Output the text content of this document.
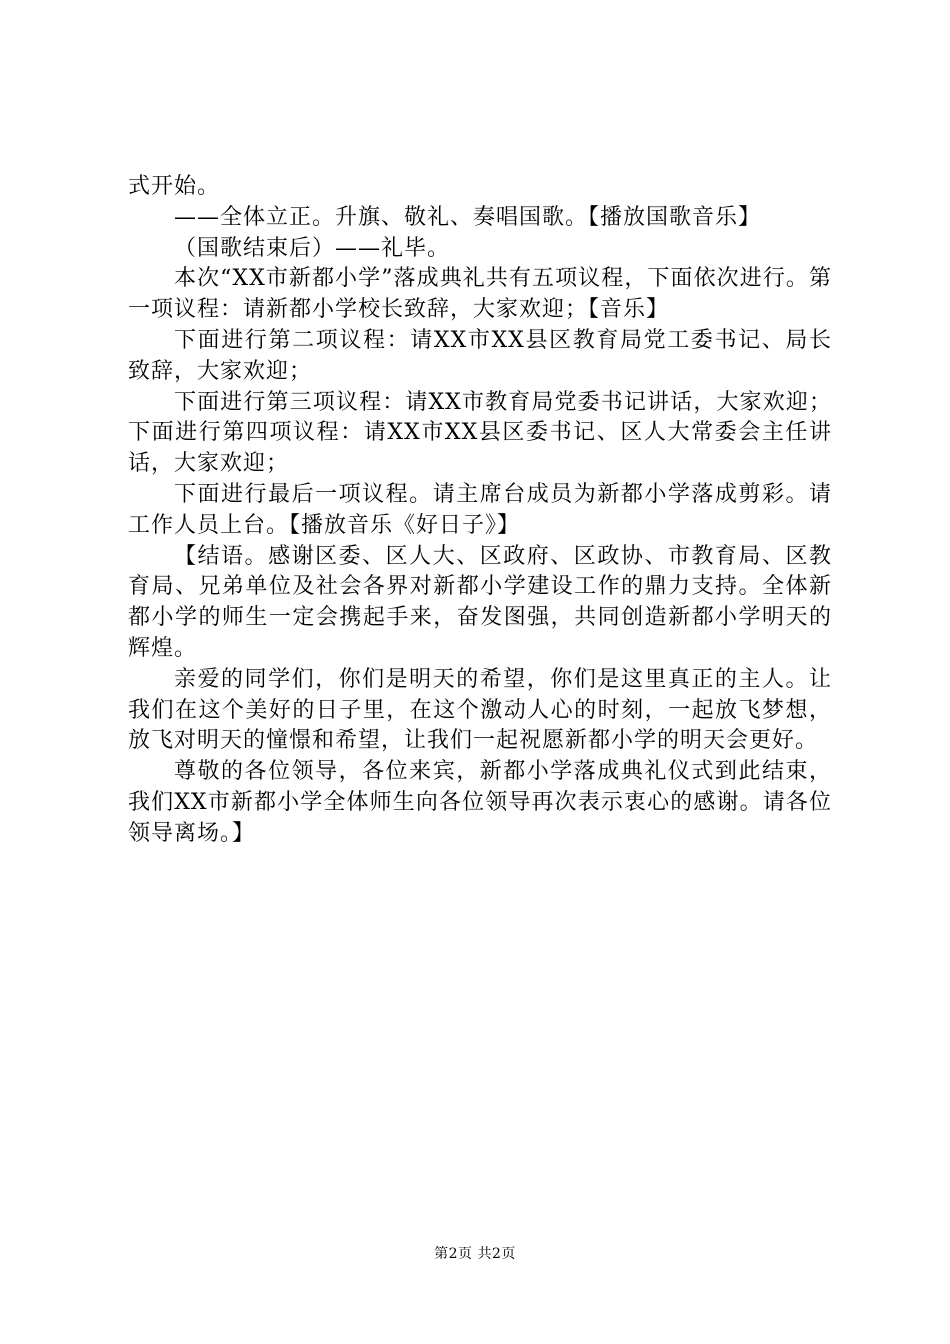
式开始。

——全体立正。升旗、敬礼、奏唱国歌。【播放国歌音乐】

（国歌结束后）——礼毕。

本次“XX市新都小学”落成典礼共有五项议程，下面依次进行。第一项议程：请新都小学校长致辞，大家欢迎；【音乐】

下面进行第二项议程：请XX市XX县区教育局党工委书记、局长致辞，大家欢迎；

下面进行第三项议程：请XX市教育局党委书记讲话，大家欢迎；下面进行第四项议程：请XX市XX县区委书记、区人大常委会主任讲话，大家欢迎；

下面进行最后一项议程。请主席台成员为新都小学落成剪彩。请工作人员上台。【播放音乐《好日子》】

【结语。感谢区委、区人大、区政府、区政协、市教育局、区教育局、兄弟单位及社会各界对新都小学建设工作的鼎力支持。全体新都小学的师生一定会携起手来，奋发图强，共同创造新都小学明天的辉煌。

亲爱的同学们，你们是明天的希望，你们是这里真正的主人。让我们在这个美好的日子里，在这个激动人心的时刻，一起放飞梦想，放飞对明天的憧憬和希望，让我们一起祝愿新都小学的明天会更好。

尊敬的各位领导，各位来宾，新都小学落成典礼仪式到此结束，我们XX市新都小学全体师生向各位领导再次表示衷心的感谢。请各位领导离场。】

第2页 共2页
